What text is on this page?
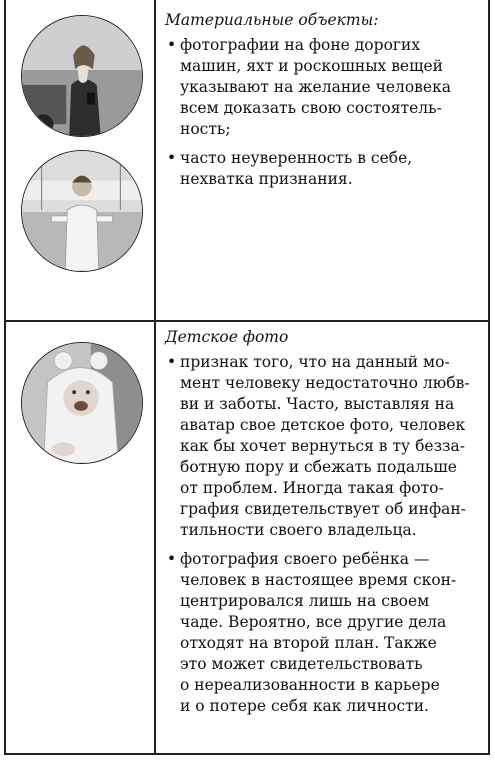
Материальные объекты:

• фотографии на фоне дорогих
машин, яхт и роскошных вещей
указывают на желание человека
всем доказать свою состоятель-
ность;
• часто неуверенность в себе,
нехватка признания.

Детское фото

• признак того, что на данный мо-
мент человеку недостаточно любв-
ви и заботы. Часто, выставляя на
аватар свое детское фото, человек
как бы хочет вернуться в ту безза-
ботную пору и сбежать подальше
от проблем. Иногда такая фото-
графия свидетельствует об инфан-
тильности своего владельца.
• фотография своего ребёнка —
человек в настоящее время скон-
центрировался лишь на своем
чаде. Вероятно, все другие дела
отходят на второй план. Также
это может свидетельствовать
о нереализованности в карьере
и о потере себя как личности.
